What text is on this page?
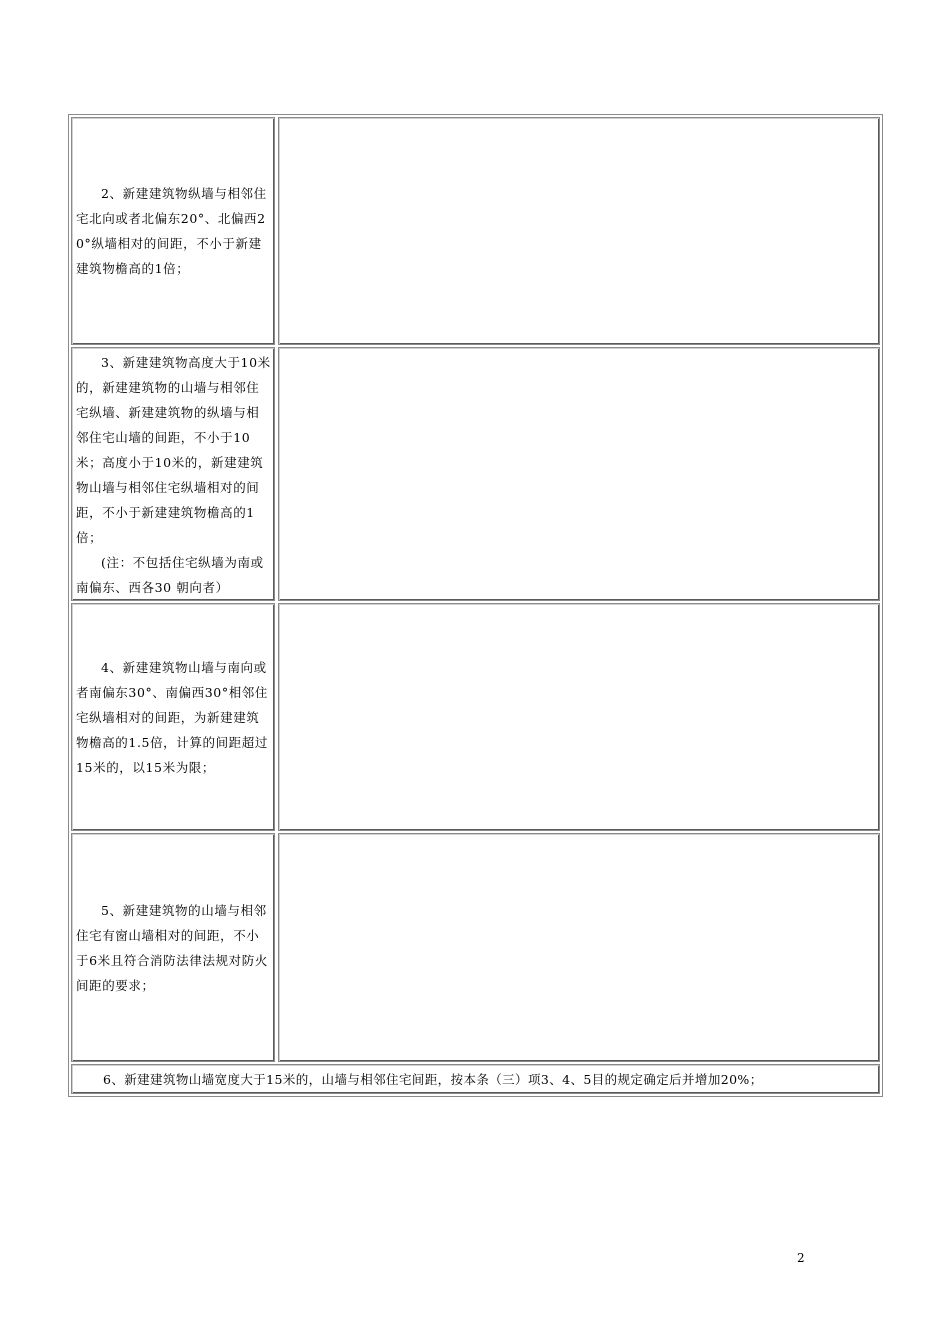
2、新建建筑物纵墙与相邻住宅北向或者北偏东20°、北偏西20°纵墙相对的间距，不小于新建建筑物檐高的1倍；

3、新建建筑物高度大于10米的，新建建筑物的山墙与相邻住宅纵墙、新建建筑物的纵墙与相邻住宅山墙的间距，不小于10米；高度小于10米的，新建建筑物山墙与相邻住宅纵墙相对的间距，不小于新建建筑物檐高的1倍；

(注：不包括住宅纵墙为南或南偏东、西各30 朝向者）

4、新建建筑物山墙与南向或者南偏东30°、南偏西30°相邻住宅纵墙相对的间距，为新建建筑物檐高的1.5倍，计算的间距超过15米的，以15米为限；

5、新建建筑物的山墙与相邻住宅有窗山墙相对的间距，不小于6米且符合消防法律法规对防火间距的要求；

6、新建建筑物山墙宽度大于15米的，山墙与相邻住宅间距，按本条（三）项3、4、5目的规定确定后并增加20%；

2
